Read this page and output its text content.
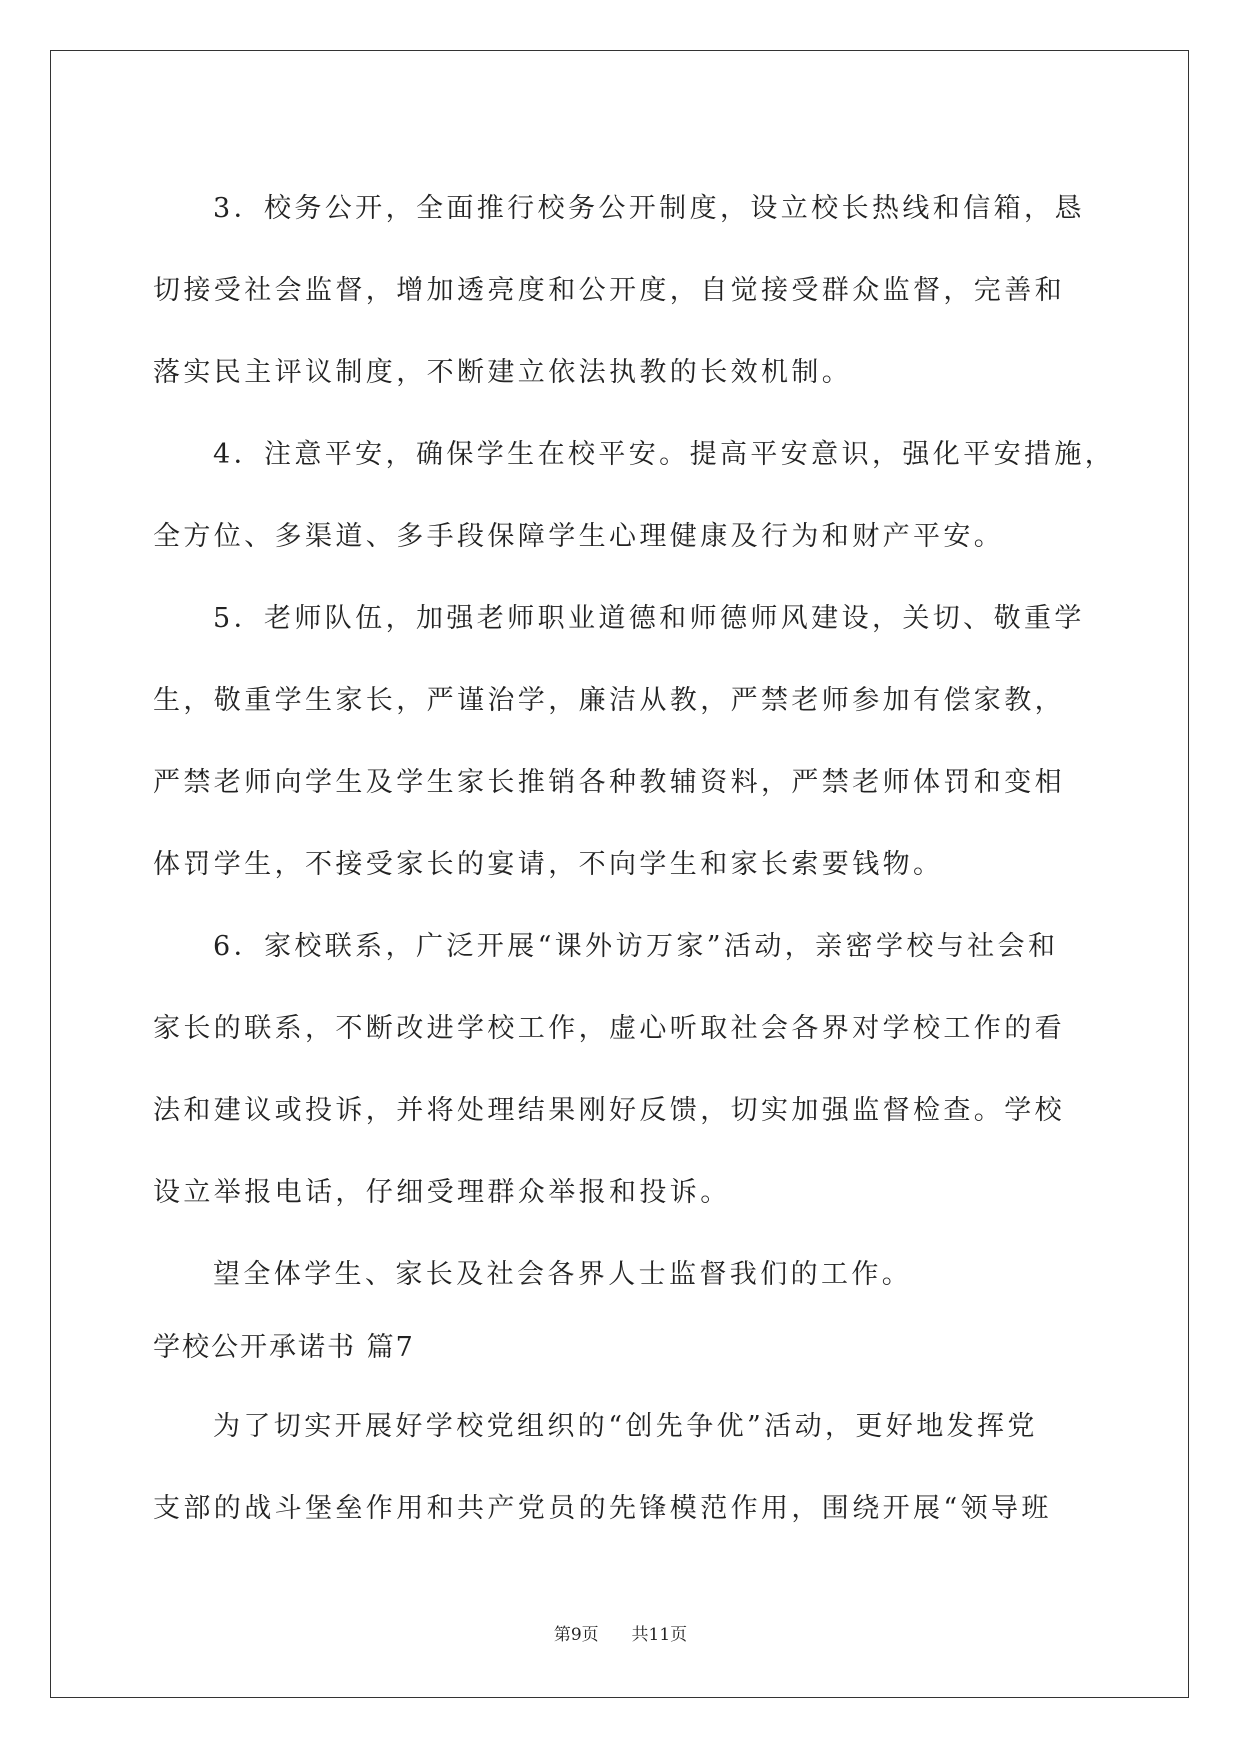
3．校务公开，全面推行校务公开制度，设立校长热线和信箱，恳
切接受社会监督，增加透亮度和公开度，自觉接受群众监督，完善和
落实民主评议制度，不断建立依法执教的长效机制。

4．注意平安，确保学生在校平安。提高平安意识，强化平安措施，
全方位、多渠道、多手段保障学生心理健康及行为和财产平安。

5．老师队伍，加强老师职业道德和师德师风建设，关切、敬重学
生，敬重学生家长，严谨治学，廉洁从教，严禁老师参加有偿家教，
严禁老师向学生及学生家长推销各种教辅资料，严禁老师体罚和变相
体罚学生，不接受家长的宴请，不向学生和家长索要钱物。

6．家校联系，广泛开展“课外访万家”活动，亲密学校与社会和
家长的联系，不断改进学校工作，虚心听取社会各界对学校工作的看
法和建议或投诉，并将处理结果刚好反馈，切实加强监督检查。学校
设立举报电话，仔细受理群众举报和投诉。

望全体学生、家长及社会各界人士监督我们的工作。

学校公开承诺书 篇7

为了切实开展好学校党组织的“创先争优”活动，更好地发挥党
支部的战斗堡垒作用和共产党员的先锋模范作用，围绕开展“领导班

第9页 共11页
